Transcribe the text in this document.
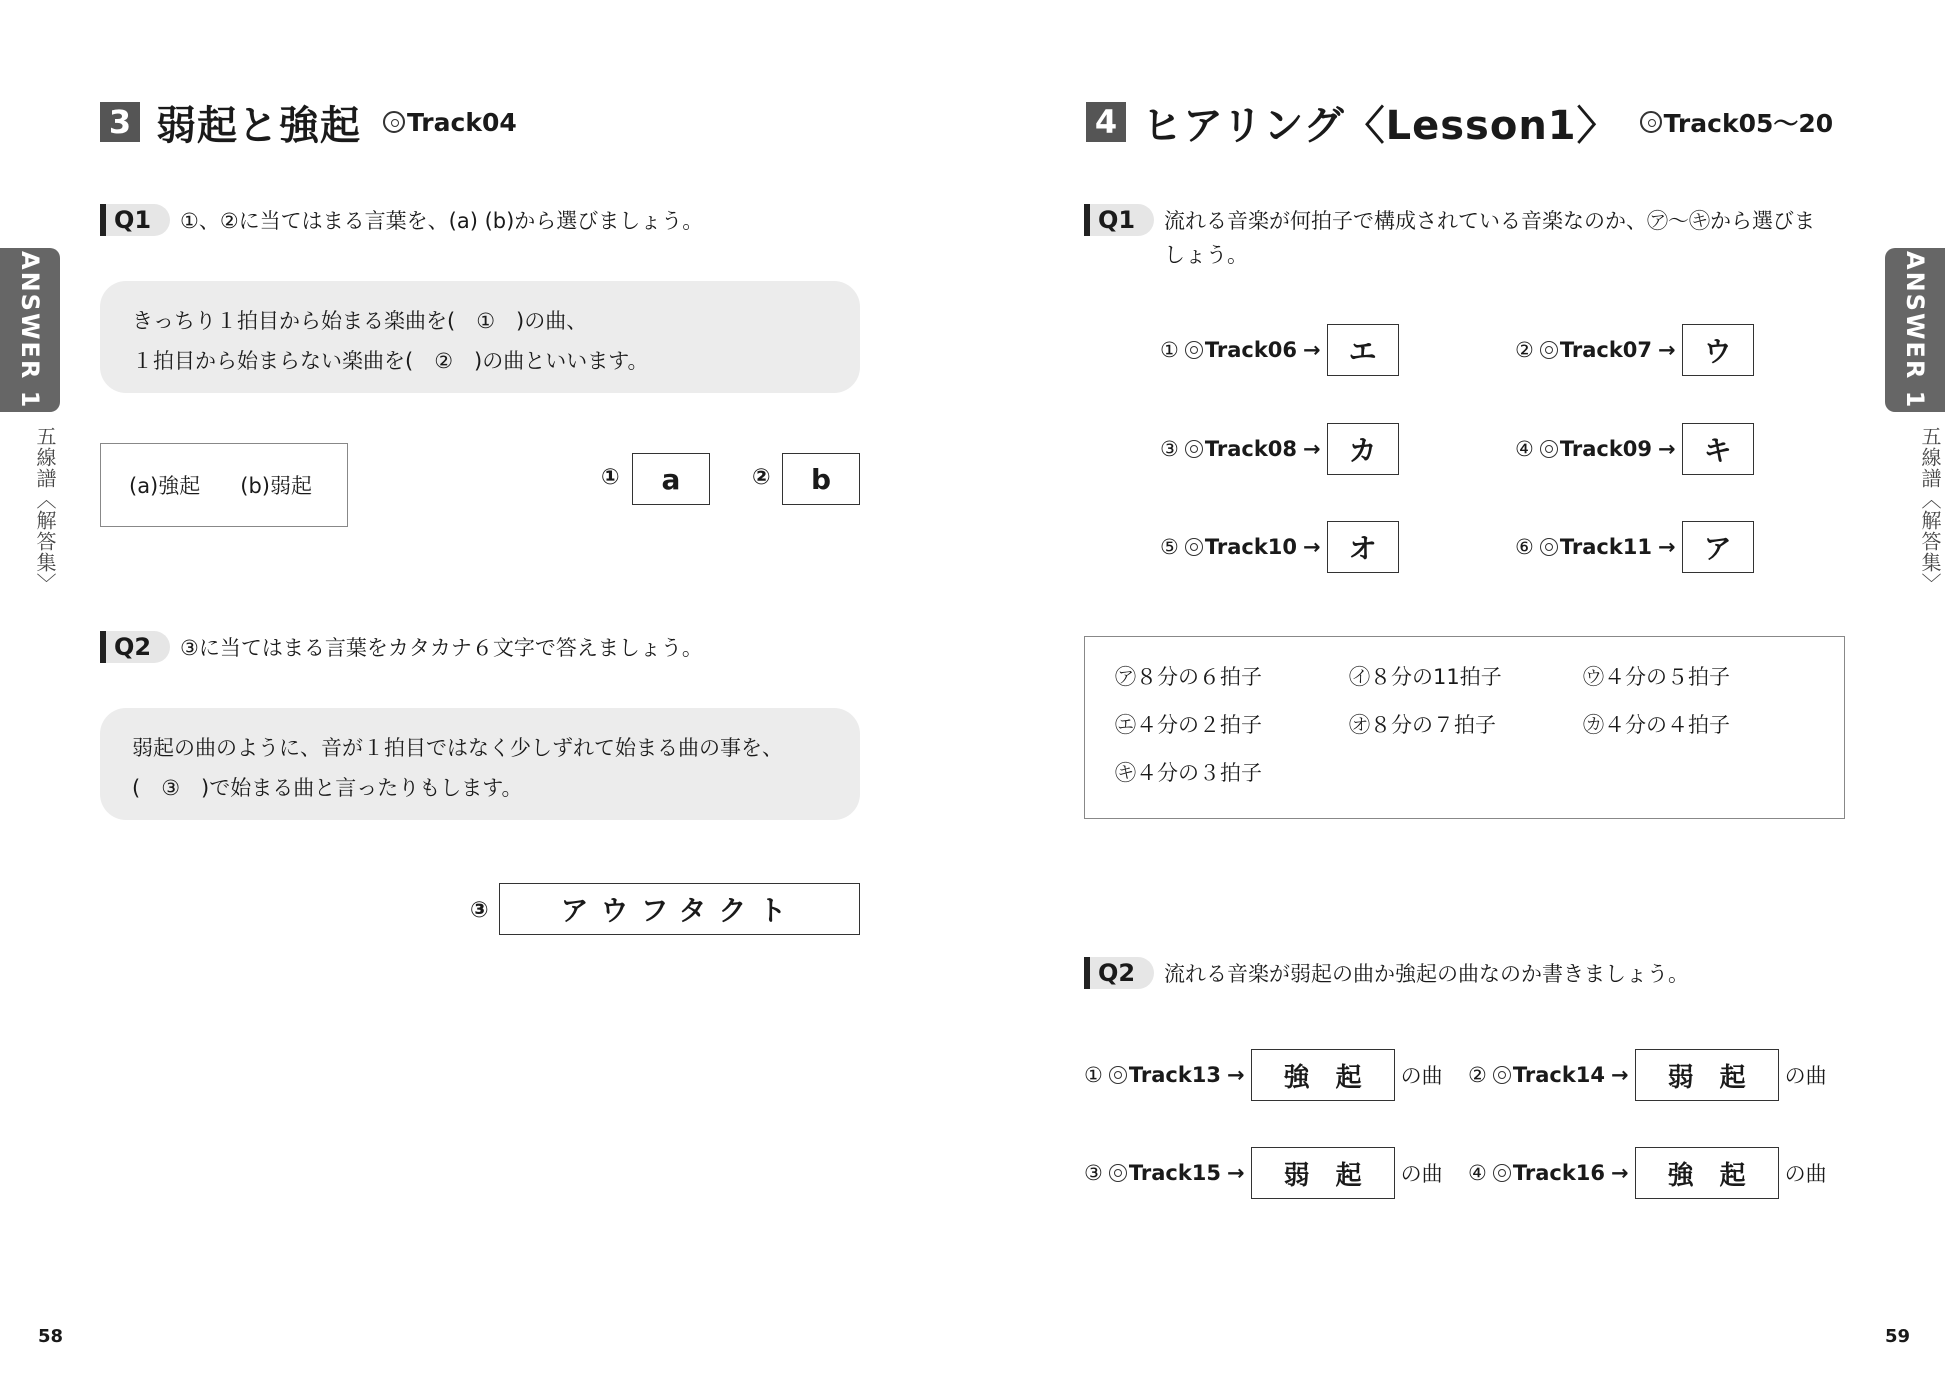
3 弱起と強起 Track04
Q1	①、②に当てはまる言葉を、(a) (b)から選びましょう。
きっちり１拍目から始まる楽曲を(　①　)の曲、
１拍目から始まらない楽曲を(　②　)の曲といいます。
(a)強起 (b)弱起	①	a	②	b
Q2	③に当てはまる言葉をカタカナ６文字で答えましょう。
弱起の曲のように、音が１拍目ではなく少しずれて始まる曲の事を、
(　③　)で始まる曲と言ったりもします。
③	アウフタクト
ANSWER 1
五線譜〈解答集〉
58
4 ヒアリング〈Lesson1〉 Track05～20
Q1	流れる音楽が何拍子で構成されている音楽なのか、㋐～㋖から選びま
しょう。
① Track06 → エ	② Track07 → ウ
③ Track08 → カ	④ Track09 → キ
⑤ Track10 → オ	⑥ Track11 → ア
㋐８分の６拍子	㋑８分の11拍子	㋒４分の５拍子
㋓４分の２拍子	㋔８分の７拍子	㋕４分の４拍子
㋖４分の３拍子
Q2	流れる音楽が弱起の曲か強起の曲なのか書きましょう。
① Track13 →	強　起	の曲 ② Track14 →	弱　起	の曲
③ Track15 →	弱　起	の曲 ④ Track16 →	強　起	の曲
ANSWER 1
五線譜〈解答集〉
59
